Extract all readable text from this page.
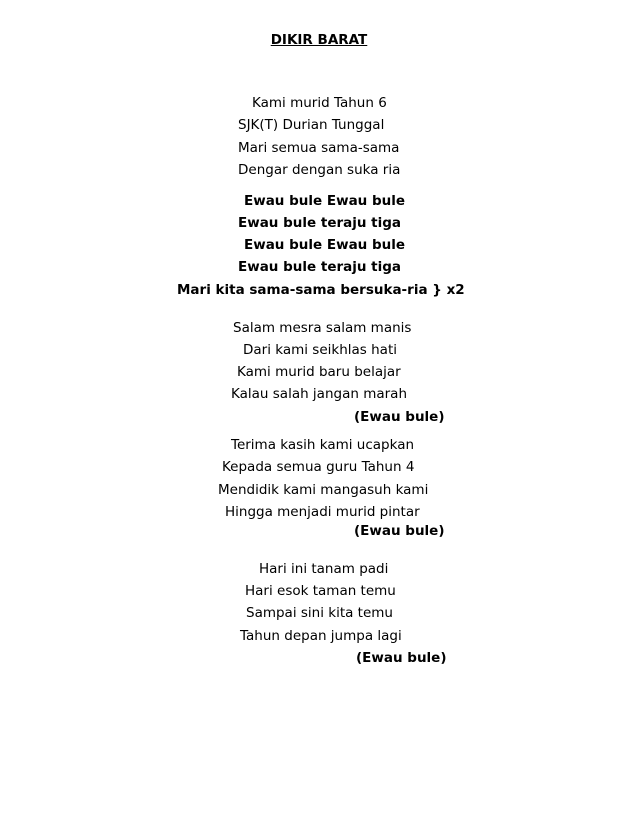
DIKIR BARAT
Kami murid Tahun 6
SJK(T) Durian Tunggal
Mari semua sama-sama
Dengar dengan suka ria
Ewau bule Ewau bule
Ewau bule teraju tiga
Ewau bule Ewau bule
Ewau bule teraju tiga
Mari kita sama-sama bersuka-ria } x2
Salam mesra salam manis
Dari kami seikhlas hati
Kami murid baru belajar
Kalau salah jangan marah
(Ewau bule)
Terima kasih kami ucapkan
Kepada semua guru Tahun 4
Mendidik kami mangasuh kami
Hingga menjadi murid pintar
(Ewau bule)
Hari ini tanam padi
Hari esok taman temu
Sampai sini kita temu
Tahun depan jumpa lagi
(Ewau bule)
